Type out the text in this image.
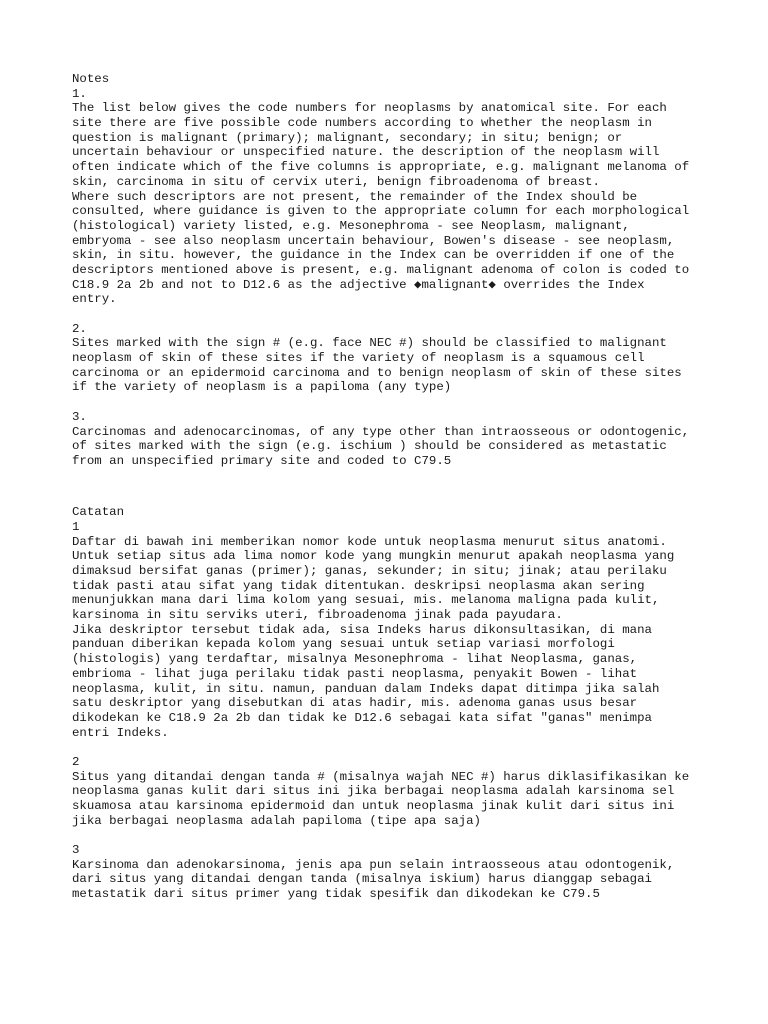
Notes
1.
The list below gives the code numbers for neoplasms by anatomical site. For each
site there are five possible code numbers according to whether the neoplasm in
question is malignant (primary); malignant, secondary; in situ; benign; or
uncertain behaviour or unspecified nature. the description of the neoplasm will
often indicate which of the five columns is appropriate, e.g. malignant melanoma of
skin, carcinoma in situ of cervix uteri, benign fibroadenoma of breast.
Where such descriptors are not present, the remainder of the Index should be
consulted, where guidance is given to the appropriate column for each morphological
(histological) variety listed, e.g. Mesonephroma - see Neoplasm, malignant,
embryoma - see also neoplasm uncertain behaviour, Bowen's disease - see neoplasm,
skin, in situ. however, the guidance in the Index can be overridden if one of the
descriptors mentioned above is present, e.g. malignant adenoma of colon is coded to
C18.9 2a 2b and not to D12.6 as the adjective ◆malignant◆ overrides the Index
entry.
2.
Sites marked with the sign # (e.g. face NEC #) should be classified to malignant
neoplasm of skin of these sites if the variety of neoplasm is a squamous cell
carcinoma or an epidermoid carcinoma and to benign neoplasm of skin of these sites
if the variety of neoplasm is a papiloma (any type)
3.
Carcinomas and adenocarcinomas, of any type other than intraosseous or odontogenic,
of sites marked with the sign (e.g. ischium ) should be considered as metastatic
from an unspecified primary site and coded to C79.5
Catatan
1
Daftar di bawah ini memberikan nomor kode untuk neoplasma menurut situs anatomi.
Untuk setiap situs ada lima nomor kode yang mungkin menurut apakah neoplasma yang
dimaksud bersifat ganas (primer); ganas, sekunder; in situ; jinak; atau perilaku
tidak pasti atau sifat yang tidak ditentukan. deskripsi neoplasma akan sering
menunjukkan mana dari lima kolom yang sesuai, mis. melanoma maligna pada kulit,
karsinoma in situ serviks uteri, fibroadenoma jinak pada payudara.
Jika deskriptor tersebut tidak ada, sisa Indeks harus dikonsultasikan, di mana
panduan diberikan kepada kolom yang sesuai untuk setiap variasi morfologi
(histologis) yang terdaftar, misalnya Mesonephroma - lihat Neoplasma, ganas,
embrioma - lihat juga perilaku tidak pasti neoplasma, penyakit Bowen - lihat
neoplasma, kulit, in situ. namun, panduan dalam Indeks dapat ditimpa jika salah
satu deskriptor yang disebutkan di atas hadir, mis. adenoma ganas usus besar
dikodekan ke C18.9 2a 2b dan tidak ke D12.6 sebagai kata sifat "ganas" menimpa
entri Indeks.
2
Situs yang ditandai dengan tanda # (misalnya wajah NEC #) harus diklasifikasikan ke
neoplasma ganas kulit dari situs ini jika berbagai neoplasma adalah karsinoma sel
skuamosa atau karsinoma epidermoid dan untuk neoplasma jinak kulit dari situs ini
jika berbagai neoplasma adalah papiloma (tipe apa saja)
3
Karsinoma dan adenokarsinoma, jenis apa pun selain intraosseous atau odontogenik,
dari situs yang ditandai dengan tanda (misalnya iskium) harus dianggap sebagai
metastatik dari situs primer yang tidak spesifik dan dikodekan ke C79.5
